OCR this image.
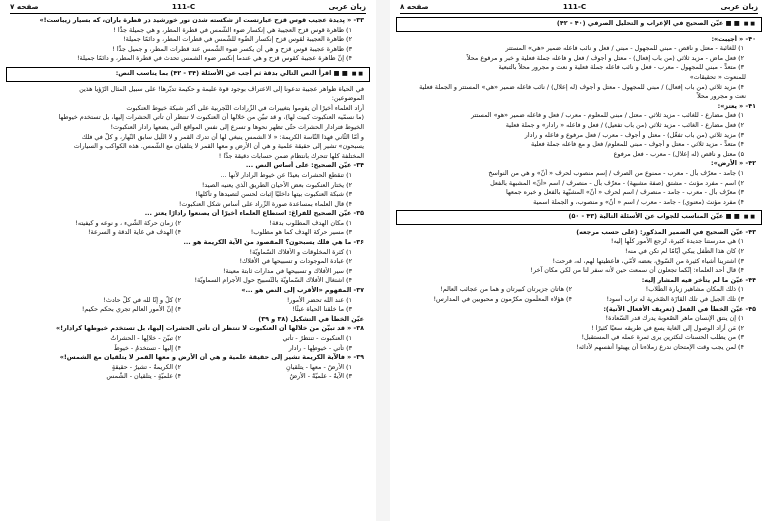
زبان عربی
111-C
صفحه ۷
۳۳- « پديدة عجيب قوس قزح عبارتست از شكسته شدن نور خورشيد در قطرة باران، كه بسيار زيباست!»
۱) ظاهرة قوس قزح العجيبة هي إنكسار ضوء الشّمس في قطرة المطر، و هي جميلة جدًّا !
۲) ظاهرة العجيبة لقوس قزح إنكسار الضّوء للشّمس في قطرات المطر، و دائمًا جميلة!
۳) ظاهرة عجيبة قوس قزح و هي أن يكسر ضوء الشّمس عند قطرات المطر، و جميل جدًّا !
۴) إنّ ظاهرة عجيبة كقوس قزح و هي عندما إنكسر ضوء الشمس تحدث في قطرة المطر، و دائمًا جميلة!
■ ■ ■ ■ اقرأ النص التالي بدقة ثم أجب عن الأسئلة (۳۴ - ۴۲) بما يناسب النص:
في الحياة ظواهر عجيبة تدعونا إلى الاعتراف بوجود قوة عليمة و حكيمة تدبّرها! على سبيل المثال الرّؤيا هذين
الموضوعين:
أراد العلماء أخيرًا أن يقوموا بتغييرات في الزّرادات التّجربية على أكبر شبكة خيوط العنكبوت
(ما نسمّيه العنكبوت كبيت لها)، و قد تبيّن من خلالها أن العنكبوت لا تنتظر أن تأتي الحشرات إليها، بل تستخدم خيوطها
الخيوط فترادار الحشرات حتّى تظهر نحوها و تسرع إلى نفس المواقع الّتي يضعها رادار العنكبوت!
و أمّا الثّاني فهذا النّاسة الكريمة: « لا الشمس ينبغي لها أن تدرك القمر و لا اللّيل سابق النّهار، و كلّ في فلك
يسبحون» تشير إلى حقيقة علمية و هي أن الأرض و معها القمر لا يتلقيان مع الشّمس. هذه الكواكب و السيارات
المختلفة كلها تتحرك بانتظام ضمن حسابات دقيقة جدًّا !
۳۴- عيّن الصحيح: على أساس النص ...
۱) تنقطع الحشرات بعيدًا عن خيوط الرادار لأنها ...
۲) يختار العنكبوت بعض الأحيان الطريق الّذي يعنيه الصيد!
۳) شبكة العنكبوت بيتها داخليًا إثبات لحسن لتصيدها و تأكلها!
۴) قال العلماء بمساعدة صورة الزّراد على أساس شكل العنكبوت!
۳۵- عيّن الصحيح للفراغ: استطاع العلماء أخيرًا أن يصنعوا رادارًا يعتز ...
۱) مكان الهدف المطلوب بدقة!
۲) زمان حركة الشّيء ، و نوعه و كيفيته!
۳) مسير حركة الهدف كما هو مطلوب!
۴) الهدف في غاية الدقة و السرعة!
۳۶- ما هي فلك يسبحون؟ المقصود من الآية الكريمة هو ...
۱) كثرة المخلوقات و الأفلاك السّماويّة!
۲) عبادة الموجودات و تسبيحها في الأفلاك!
۳) سير الأفلاك و تسبيحها في مدارات ثابتة معينة!
۴) اشتغال الأفلاك السّماويّة بالتّسبيح حول الأجرام السماويّة!
۳۷- المفهوم «الأقرب إلى النص هو ...»
۱) عند الله تحضر الأمور!
۲) كلّ و إنّا لله في كلّ حادث!
۳) ما خلقنا الحياة عبثًا!
۴) إنّ الأمور العالم تجري بحكم حكيم!
عيّن الخطأ في التشكيل (۳۸ و ۳۹)
۳۸- « قد تبيّن من خلالها أن العنكبوت لا تنتظر أن تأتي الحشرات إليها، بل تستخدم خيوطها كرادار!»
۱) العنكبوت - تنتظرُ - تأتي
۲) تبيّنَ - خلالِها - الحشراتُ
۳) تأتي - خيوطِها - رادار
۴) إليها - تستخدمُ - خيوطَ
۳۹- « فالآية الكريمة تشير إلى حقيقة علمية و هي أن الأرض و معها القمر لا يتلقيان مع الشمس!»
۱) الأرضُ - معها - يتلقيانِ
۲) الكريمةُ - تشيرُ - حقيقةٍ
۳) الآيةُ - علميّةٌ - الأرضُ
۴) علميّةٍ - يتلقيان - الشّمس
زبان عربی
111-C
صفحه ۸
■ ■ ■ ■ عيّن الصحيح في الإعراب و التحليل الصرفي (۴۰ - ۴۲)
۴۰- « أجيبت»:
۱) للغائبة - معتل و ناقص - مبني للمجهول - مبني / فعل و نائب فاعله ضمير «هي» المستتر
۲) فعل ماض - مزيد ثلاثي (من باب إفعال) - معتل و أجوف / فعل و فاعله جملة فعلية و خبر و مرفوع محلاً
۳) متعدٍّ - مبني للمجهول - معرب - فعل و نائب فاعله جملة فعلية و نعت و مجرور محلاً بالتبعية
للمنعوت « تحقيقات»
۴) مزيد ثلاثي (من باب إفعال) / مبني للمجهول - معتل و أجوف (له إعلال) / نائب فاعله ضمير «هي» المستتر و الجملة فعلية
نعت و مجرور محلاً
۴۱- « يعتز»:
۱) فعل مضارع - للغائب - مزيد ثلاثي - معتل / مبني للمعلوم - معرب / فعل و فاعله ضمير «هو» المستتر
۲) فعل مضارع - الغائب - مزيد ثلاثي (من باب تفعيل) / فعل و فاعله « رادار» و جملة فعلية
۳) مزيد ثلاثي (من باب تفعّل) - معتل و أجوف - معرب / فعل مرفوع و فاعله و رادار
۴) متعدٍّ - مزيد ثلاثي - معتل و أجوف - مبني للمعلوم/ فعل و مع فاعله جملة فعلية
۵) معتل و ناقص (له إعلال) - معرب - فعل مرفوع
۴۲- « الأرض»:
۱) جامد - معرّف بأل - معرب - ممنوع من الصرف / إسم منصوب لحرف « أنّ» و هي من النواسخ
۲) اسم - مفرد مؤنث - مشتق (صفة مشبهة) - معرّف بأل - منصرف / اسم «أنّ» المشبهة بالفعل
۳) معرّف بأل - معرب - جامد - منصرف / اسم لحرف « أنّ» المشبّهة بالفعل و خبره جمعها
۴) مفرد مؤنث (معنوي) - جامد - معرب / اسم « أنّ» و منصوب، و الجملة اسمية
■ ■ ■ ■ عيّن المناسب للجواب عن الأسئلة التالية (۴۳ - ۵۰)
۴۳- عيّن الصحيح في الضمير المذكور: (على حسب مرجعه)
۱) هي مدرستنا جديدة كثيرة، تُرجع الأمور كلّها إليه!
۲) كان هذا الطّفل يبكي أيّامًا لم تكن في منه!
۳) اشترينا أشياء كثيرة من السّوق، بعضه لأمّي، فأعطيتها لهم، له، فرحت!
۴) قال أحد العلماء: إنّكما تجعلون أن سمعت حين لأنه سفر لنا من لكي مكان آخر!
۴۴- عيّن ما لم يتأخر فيه المشار إليه:
۱) ذلك المكان مشاهير زيارة الطّلاب!
۲) هاتان جزيرتان كبيرتان و هما من عجائب العالم!
۳) تلك الجبل في تلك القارّة الصّخرية له تراب أسود!
۴) هؤلاء المعلّمون مكرّمون و محبوبين في المدارس!
۴۵- عيّن الخطأ في الفعل (تعريف الأفعال الآتية):
۱) إن ينتق الإنسان ماهر الصّعوبة يدرك قدر السّعادة!
۲) مَن أراد الوصول إلى الغاية يسع في طريقه سعيًا كثيرًا !
۳) من يطلب الحسنات لنكثرين يرى ثمرة عمله في المستقبل!
۴) لمن يجب وقت الإمتحان ندرع زملاءنا أن يهيئوا أنفسهم لأدائه!
